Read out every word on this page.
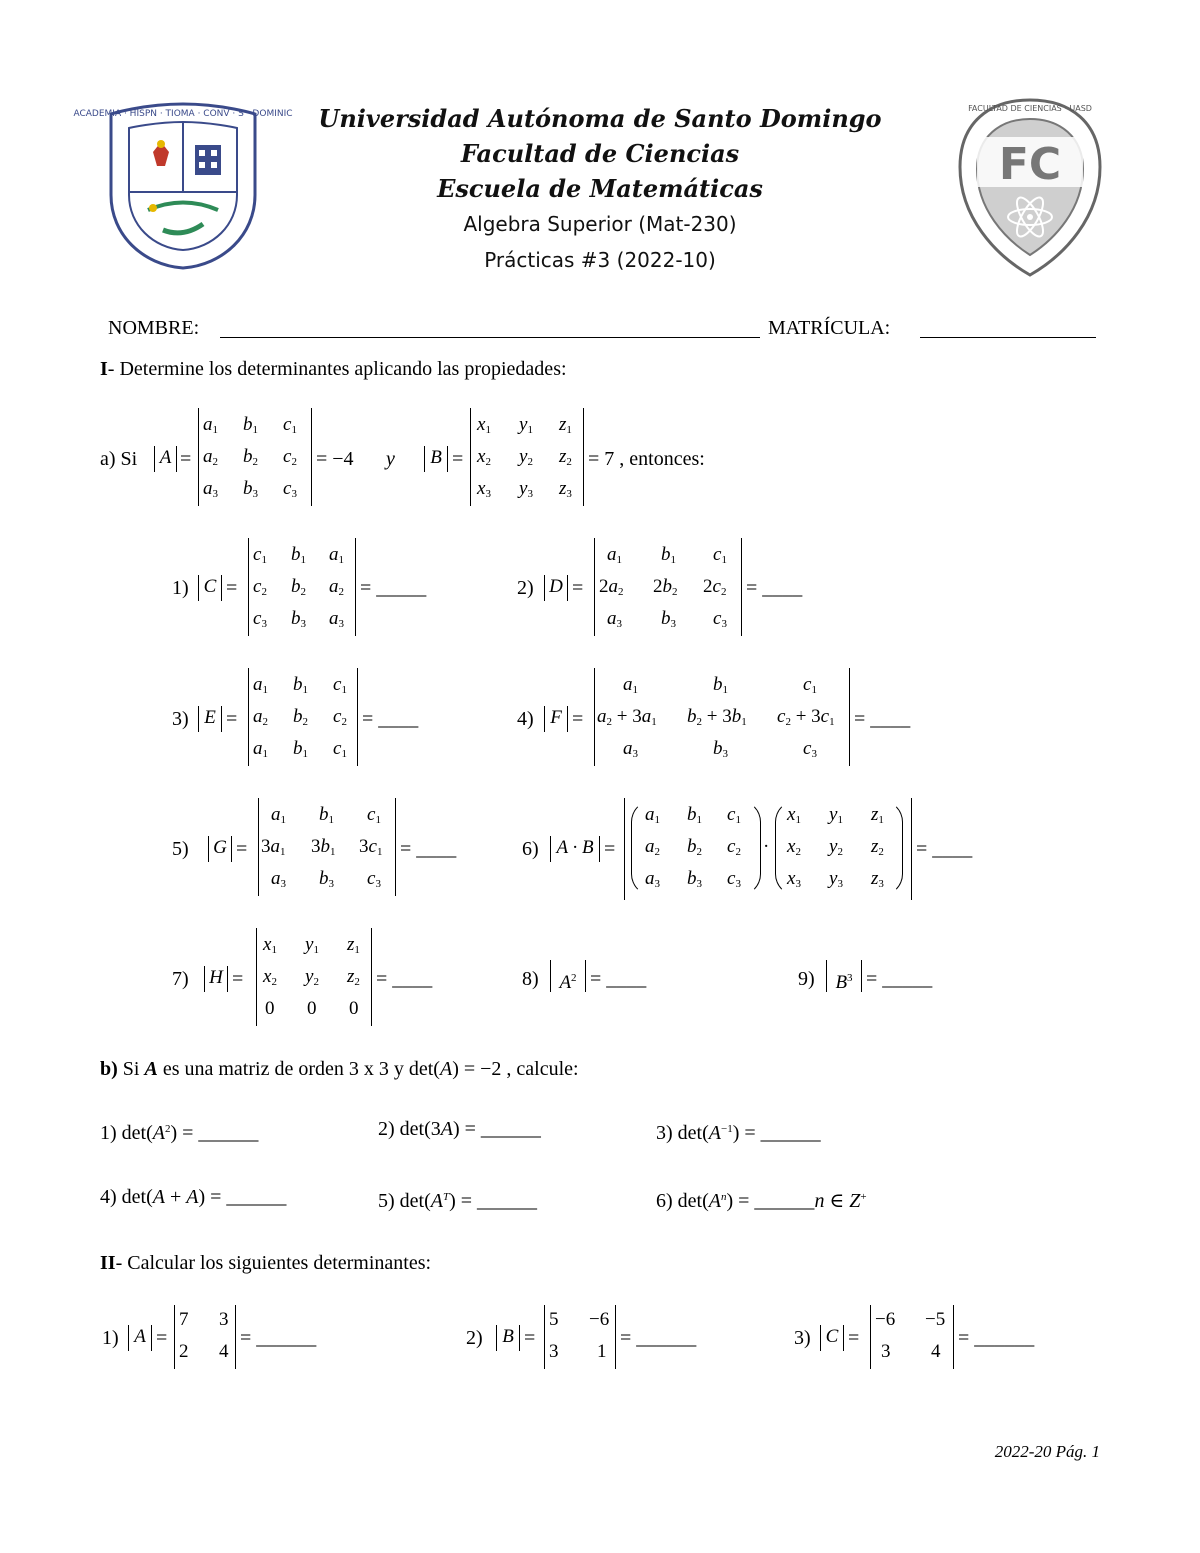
ACADEMIA · HISPN · TIOMA · CONV · S · DOMINIC
FC
FACULTAD DE CIENCIAS · UASD
Universidad Autónoma de Santo Domingo
Facultad de Ciencias
Escuela de Matemáticas
Algebra Superior (Mat-230)
Prácticas #3 (2022-10)
NOMBRE:	MATRÍCULA:
I- Determine los determinantes aplicando las propiedades:
a) Si A =
$a_1$ $b_1$ $c_1$
$a_2$ $b_2$ $c_2$
$a_3$ $b_3$ $c_3$
= −4 y B =
$x_1$ $y_1$ $z_1$
$x_2$ $y_2$ $z_2$
$x_3$ $y_3$ $z_3$
= 7 , entonces:
1) C =
$c_1$ $b_1$ $a_1$
$c_2$ $b_2$ $a_2$
$c_3$ $b_3$ $a_3$
= _____	2) D =
$a_1$ $b_1$ $c_1$
$2a_2$ $2b_2$ $2c_2$
$a_3$ $b_3$ $c_3$
= ____
3) E =
$a_1$ $b_1$ $c_1$
$a_2$ $b_2$ $c_2$
$a_1$ $b_1$ $c_1$
= ____	4) F =
$a_1$	$b_1$	$c_1$
$a_2 + 3a_1$ $b_2 + 3b_1$ $c_2 + 3c_1$
$a_3$	$b_3$	$c_3$
= ____
5) G =
$a_1$ $b_1$ $c_1$
$3a_1$ $3b_1$ $3c_1$
$a_3$ $b_3$ $c_3$
= ____	6) A · B =
$a_1$ $b_1$ $c_1$
$a_2$ $b_2$ $c_2$
$a_3$ $b_3$ $c_3$
·
$x_1$ $y_1$ $z_1$
$x_2$ $y_2$ $z_2$
$x_3$ $y_3$ $z_3$
= ____
7) H =
$x_1$ $y_1$ $z_1$
$x_2$ $y_2$ $z_2$
0 0 0
= ____	8) $A^2$ = ____	9) $B^3$ = _____
b) Si A es una matriz de orden 3 x 3 y det(A) = −2 , calcule:
1) $\det(A^2)$ = ______	2) det(3A) = ______	3) $\det(A^{-1})$ = ______
4) det(A + A) = ______	5) $\det(A^T)$ = ______	6) $\det(A^n)$ = ______n ∈ Z+
II- Calcular los siguientes determinantes:
1) A =
7 3
2 4
= ______	2) B =
5 −6
3 1
= ______	3) C =
−6 −5
3 4
= ______
2022-20 Pág. 1
